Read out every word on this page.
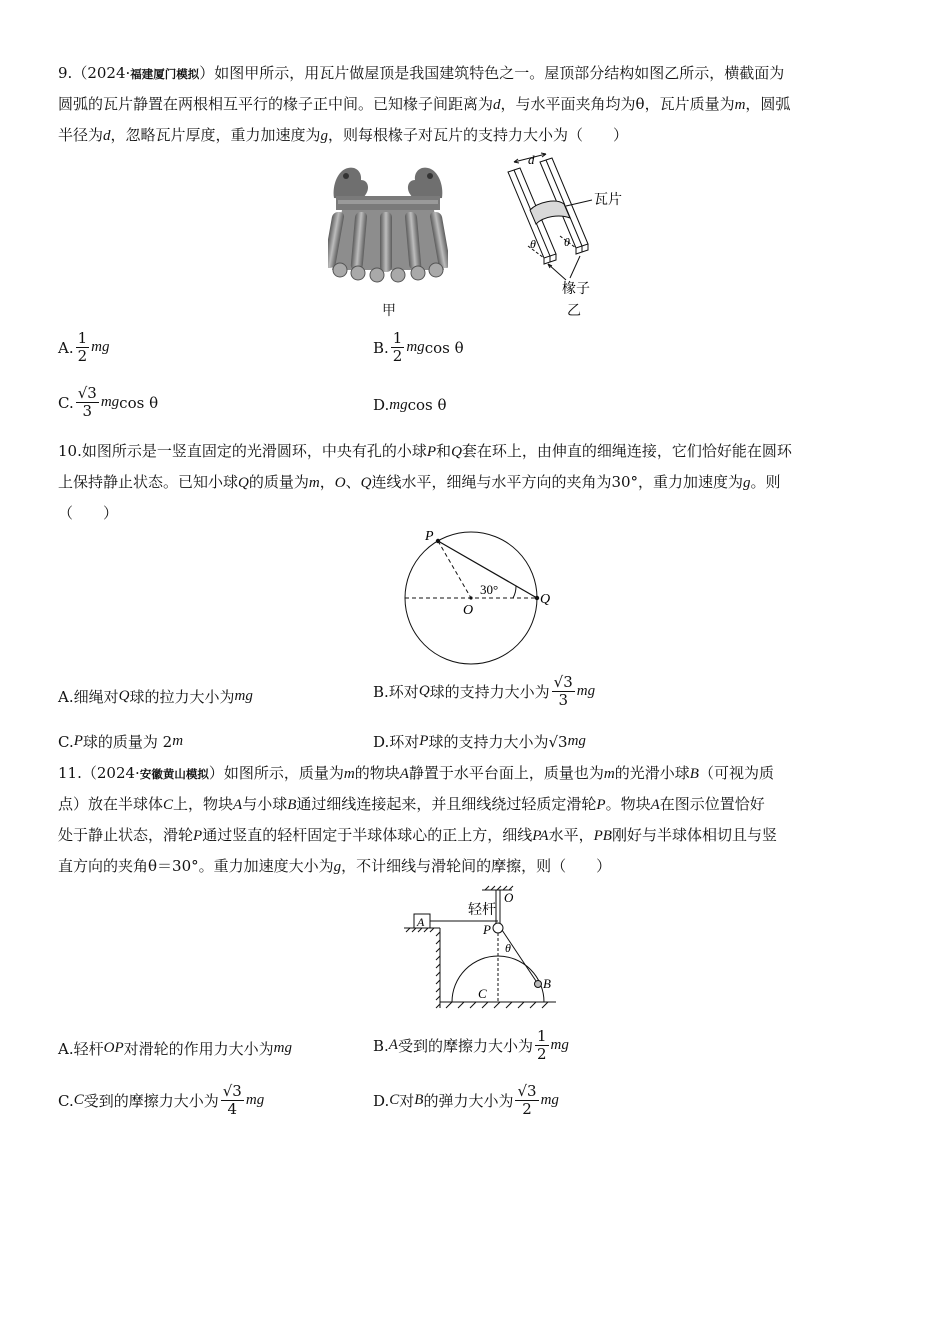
9.（2024·福建厦门模拟）如图甲所示，用瓦片做屋顶是我国建筑特色之一。屋顶部分结构如图乙所示，横截面为
圆弧的瓦片静置在两根相互平行的椽子正中间。已知椽子间距离为d，与水平面夹角均为θ，瓦片质量为m，圆弧
半径为d，忽略瓦片厚度，重力加速度为g，则每根椽子对瓦片的支持力大小为（　　）
甲
d
瓦片
θ θ
椽子
乙
A. $\frac{1}{2}$ mg	B. $\frac{1}{2}$ mg cos θ
C. $\frac{√3}{3}$ mg cos θ	D. mg cos θ
10.如图所示是一竖直固定的光滑圆环，中央有孔的小球P和Q套在环上，由伸直的细绳连接，它们恰好能在圆环
上保持静止状态。已知小球Q的质量为m，O、Q连线水平，细绳与水平方向的夹角为30°，重力加速度为g。则
（　　）
P
Q
O
30°
A. 细绳对 Q 球的拉力大小为 mg	B. 环对 Q 球的支持力大小为 $\frac{√3}{3}$ mg
C. P 球的质量为 2 m	D. 环对 P 球的支持力大小为 √3 mg
11.（2024·安徽黄山模拟）如图所示，质量为m的物块A静置于水平台面上，质量也为m的光滑小球B（可视为质
点）放在半球体C上，物块A与小球B通过细线连接起来，并且细线绕过轻质定滑轮P。物块A在图示位置恰好
处于静止状态，滑轮P通过竖直的轻杆固定于半球体球心的正上方，细线PA水平，PB刚好与半球体相切且与竖
直方向的夹角θ＝30°。重力加速度大小为g，不计细线与滑轮间的摩擦，则（　　）
A
轻杆
O
P
θ
B
C
A. 轻杆 OP 对滑轮的作用力大小为 mg	B. A 受到的摩擦力大小为 $\frac{1}{2}$ mg
C. C 受到的摩擦力大小为 $\frac{√3}{4}$ mg	D. C 对 B 的弹力大小为 $\frac{√3}{2}$ mg
